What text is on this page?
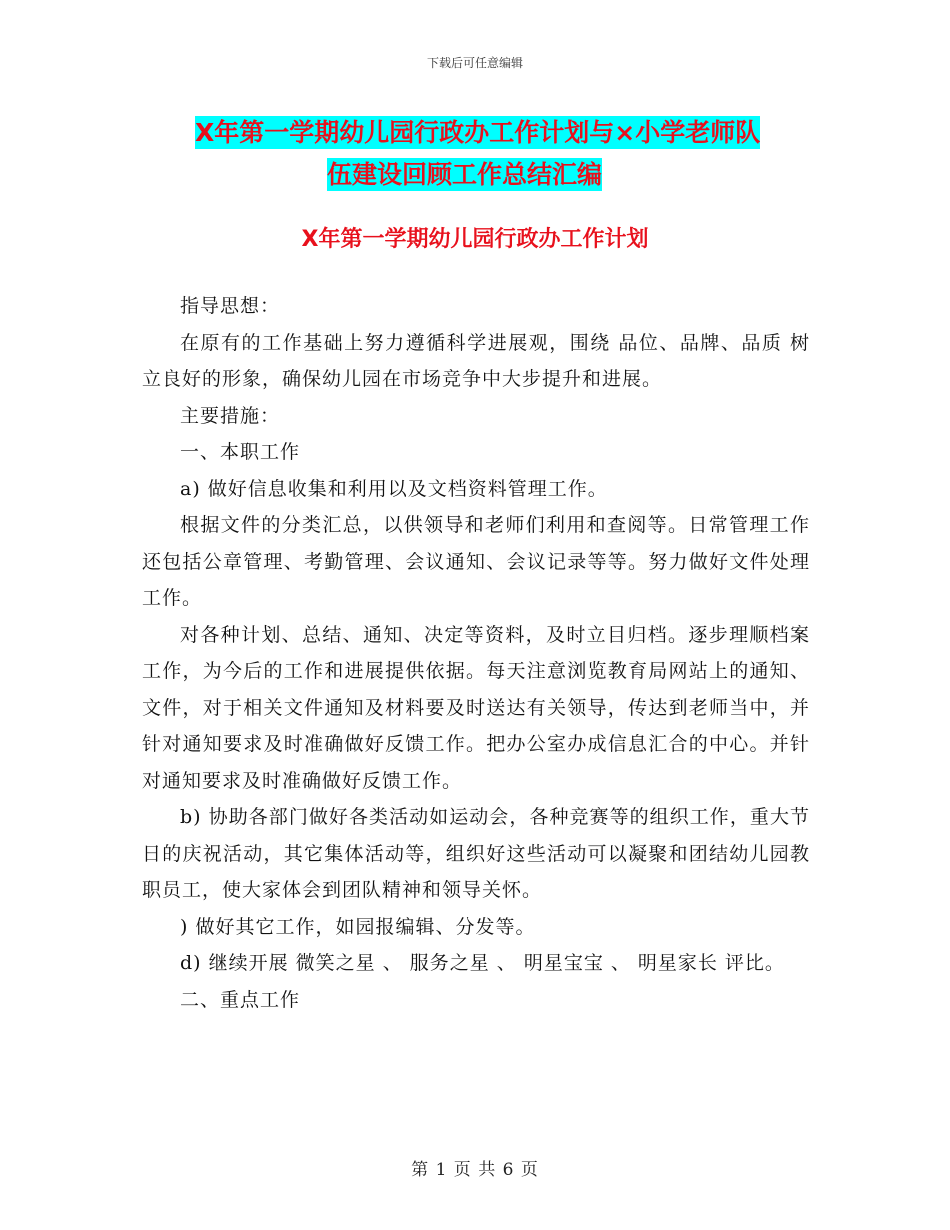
下载后可任意编辑
X年第一学期幼儿园行政办工作计划与×小学老师队
伍建设回顾工作总结汇编
X年第一学期幼儿园行政办工作计划

指导思想：

在原有的工作基础上努力遵循科学进展观，围绕 品位、品牌、品质 树立良好的形象，确保幼儿园在市场竞争中大步提升和进展。

主要措施：

一、本职工作

a) 做好信息收集和利用以及文档资料管理工作。

根据文件的分类汇总，以供领导和老师们利用和查阅等。日常管理工作还包括公章管理、考勤管理、会议通知、会议记录等等。努力做好文件处理工作。

对各种计划、总结、通知、决定等资料，及时立目归档。逐步理顺档案工作，为今后的工作和进展提供依据。每天注意浏览教育局网站上的通知、文件，对于相关文件通知及材料要及时送达有关领导，传达到老师当中，并针对通知要求及时准确做好反馈工作。把办公室办成信息汇合的中心。并针对通知要求及时准确做好反馈工作。

b) 协助各部门做好各类活动如运动会，各种竞赛等的组织工作，重大节日的庆祝活动，其它集体活动等，组织好这些活动可以凝聚和团结幼儿园教职员工，使大家体会到团队精神和领导关怀。

) 做好其它工作，如园报编辑、分发等。

d) 继续开展 微笑之星 、 服务之星 、 明星宝宝 、 明星家长 评比。

二、重点工作

第 1 页 共 6 页
